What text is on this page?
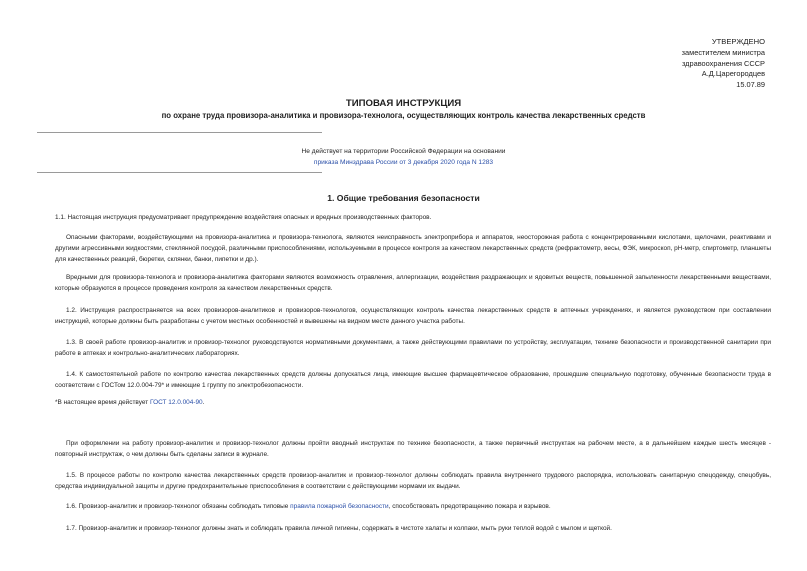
УТВЕРЖДЕНО
заместителем министра
здравоохранения СССР
А.Д.Царегородцев
15.07.89
ТИПОВАЯ ИНСТРУКЦИЯ
по охране труда провизора-аналитика и провизора-технолога, осуществляющих контроль качества лекарственных средств
Не действует на территории Российской Федерации на основании
приказа Минздрава России от 3 декабря 2020 года N 1283
1. Общие требования безопасности
1.1. Настоящая инструкция предусматривает предупреждение воздействия опасных и вредных производственных факторов.
Опасными факторами, воздействующими на провизора-аналитика и провизора-технолога, являются неисправность электроприбора и аппаратов, неосторожная работа с концентрированными кислотами, щелочами, реактивами и другими агрессивными жидкостями, стеклянной посудой, различными приспособлениями, используемыми в процессе контроля за качеством лекарственных средств (рефрактометр, весы, ФЭК, микроскоп, pH-метр, спиртометр, планшеты для качественных реакций, бюретки, склянки, банки, пипетки и др.).
Вредными для провизора-технолога и провизора-аналитика факторами являются возможность отравления, аллергизации, воздействия раздражающих и ядовитых веществ, повышенной запыленности лекарственными веществами, которые образуются в процессе проведения контроля за качеством лекарственных средств.
1.2. Инструкция распространяется на всех провизоров-аналитиков и провизоров-технологов, осуществляющих контроль качества лекарственных средств в аптечных учреждениях, и является руководством при составлении инструкций, которые должны быть разработаны с учетом местных особенностей и вывешены на видном месте данного участка работы.
1.3. В своей работе провизор-аналитик и провизор-технолог руководствуются нормативными документами, а также действующими правилами по устройству, эксплуатации, технике безопасности и производственной санитарии при работе в аптеках и контрольно-аналитических лабораториях.
1.4. К самостоятельной работе по контролю качества лекарственных средств должны допускаться лица, имеющие высшее фармацевтическое образование, прошедшие специальную подготовку, обученные безопасности труда в соответствии с ГОСТом 12.0.004-79* и имеющие 1 группу по электробезопасности.
*В настоящее время действует ГОСТ 12.0.004-90.
При оформлении на работу провизор-аналитик и провизор-технолог должны пройти вводный инструктаж по технике безопасности, а также первичный инструктаж на рабочем месте, а в дальнейшем каждые шесть месяцев - повторный инструктаж, о чем должны быть сделаны записи в журнале.
1.5. В процессе работы по контролю качества лекарственных средств провизор-аналитик и провизор-технолог должны соблюдать правила внутреннего трудового распорядка, использовать санитарную спецодежду, спецобувь, средства индивидуальной защиты и другие предохранительные приспособления в соответствии с действующими нормами их выдачи.
1.6. Провизор-аналитик и провизор-технолог обязаны соблюдать типовые правила пожарной безопасности, способствовать предотвращению пожара и взрывов.
1.7. Провизор-аналитик и провизор-технолог должны знать и соблюдать правила личной гигиены, содержать в чистоте халаты и колпаки, мыть руки теплой водой с мылом и щеткой.
